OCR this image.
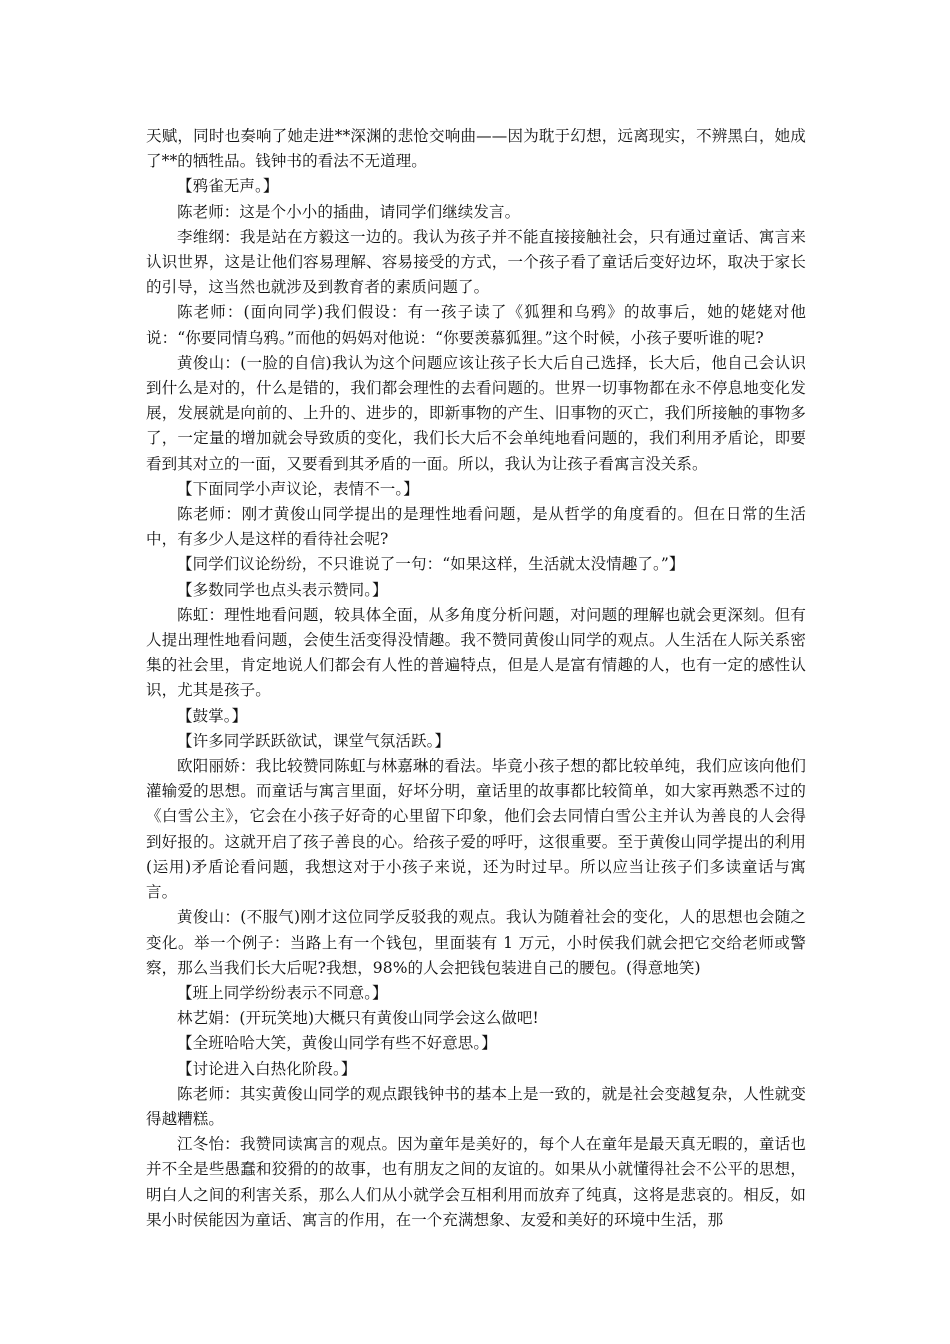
天赋，同时也奏响了她走进**深渊的悲怆交响曲——因为耽于幻想，远离现实，不辨黑白，她成了**的牺牲品。钱钟书的看法不无道理。

【鸦雀无声。】

陈老师：这是个小小的插曲，请同学们继续发言。

李维纲：我是站在方毅这一边的。我认为孩子并不能直接接触社会，只有通过童话、寓言来认识世界，这是让他们容易理解、容易接受的方式，一个孩子看了童话后变好边坏，取决于家长的引导，这当然也就涉及到教育者的素质问题了。

陈老师：(面向同学)我们假设：有一孩子读了《狐狸和乌鸦》的故事后，她的姥姥对他说：“你要同情乌鸦。”而他的妈妈对他说：“你要羡慕狐狸。”这个时候，小孩子要听谁的呢?

黄俊山：(一脸的自信)我认为这个问题应该让孩子长大后自己选择，长大后，他自己会认识到什么是对的，什么是错的，我们都会理性的去看问题的。世界一切事物都在永不停息地变化发展，发展就是向前的、上升的、进步的，即新事物的产生、旧事物的灭亡，我们所接触的事物多了，一定量的增加就会导致质的变化，我们长大后不会单纯地看问题的，我们利用矛盾论，即要看到其对立的一面，又要看到其矛盾的一面。所以，我认为让孩子看寓言没关系。

【下面同学小声议论，表情不一。】

陈老师：刚才黄俊山同学提出的是理性地看问题，是从哲学的角度看的。但在日常的生活中，有多少人是这样的看待社会呢?

【同学们议论纷纷，不只谁说了一句：“如果这样，生活就太没情趣了。”】

【多数同学也点头表示赞同。】

陈虹：理性地看问题，较具体全面，从多角度分析问题，对问题的理解也就会更深刻。但有人提出理性地看问题，会使生活变得没情趣。我不赞同黄俊山同学的观点。人生活在人际关系密集的社会里，肯定地说人们都会有人性的普遍特点，但是人是富有情趣的人，也有一定的感性认识，尤其是孩子。

【鼓掌。】

【许多同学跃跃欲试，课堂气氛活跃。】

欧阳丽娇：我比较赞同陈虹与林嘉琳的看法。毕竟小孩子想的都比较单纯，我们应该向他们灌输爱的思想。而童话与寓言里面，好坏分明，童话里的故事都比较简单，如大家再熟悉不过的《白雪公主》，它会在小孩子好奇的心里留下印象，他们会去同情白雪公主并认为善良的人会得到好报的。这就开启了孩子善良的心。给孩子爱的呼吁，这很重要。至于黄俊山同学提出的利用(运用)矛盾论看问题，我想这对于小孩子来说，还为时过早。所以应当让孩子们多读童话与寓言。

黄俊山：(不服气)刚才这位同学反驳我的观点。我认为随着社会的变化，人的思想也会随之变化。举一个例子：当路上有一个钱包，里面装有 1 万元，小时侯我们就会把它交给老师或警察，那么当我们长大后呢?我想，98%的人会把钱包装进自己的腰包。(得意地笑)

【班上同学纷纷表示不同意。】

林艺娟：(开玩笑地)大概只有黄俊山同学会这么做吧!

【全班哈哈大笑，黄俊山同学有些不好意思。】

【讨论进入白热化阶段。】

陈老师：其实黄俊山同学的观点跟钱钟书的基本上是一致的，就是社会变越复杂，人性就变得越糟糕。

江冬怡：我赞同读寓言的观点。因为童年是美好的，每个人在童年是最天真无暇的，童话也并不全是些愚蠢和狡猾的的故事，也有朋友之间的友谊的。如果从小就懂得社会不公平的思想，明白人之间的利害关系，那么人们从小就学会互相利用而放弃了纯真，这将是悲哀的。相反，如果小时侯能因为童话、寓言的作用，在一个充满想象、友爱和美好的环境中生活，那
